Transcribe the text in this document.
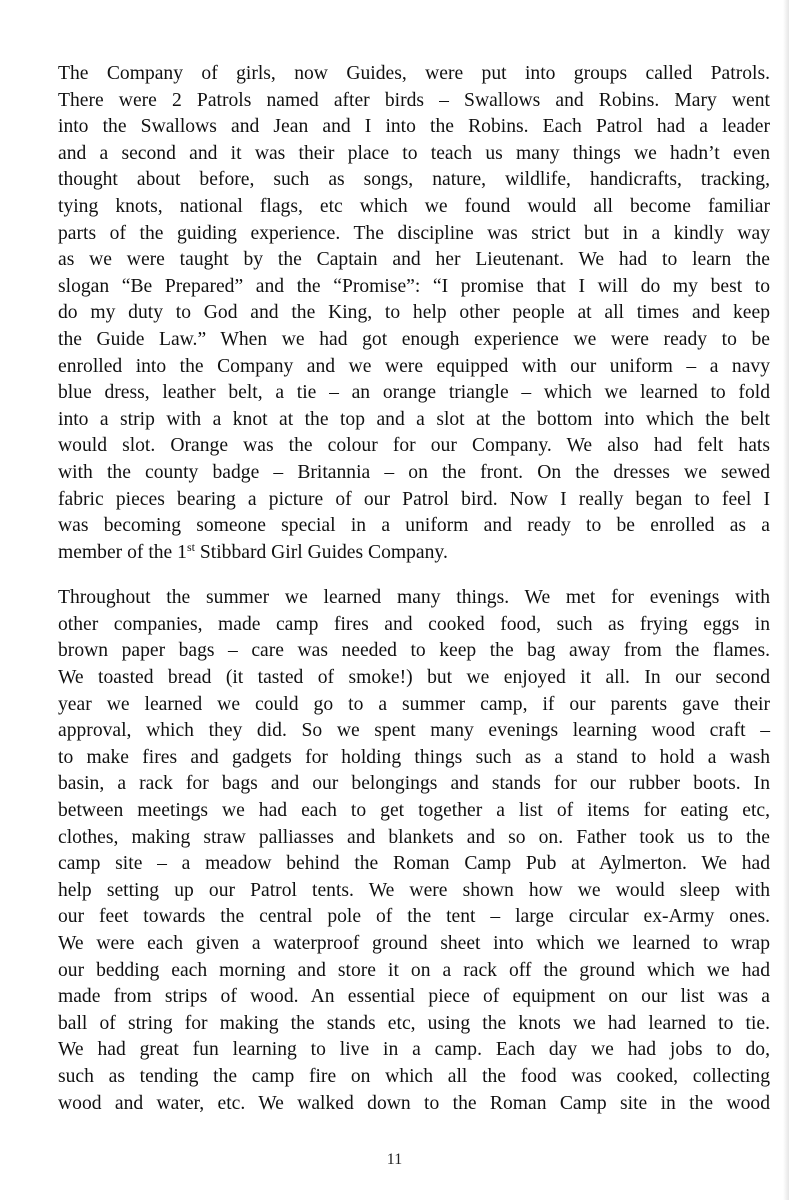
The Company of girls, now Guides, were put into groups called Patrols.
There were 2 Patrols named after birds – Swallows and Robins. Mary went
into the Swallows and Jean and I into the Robins. Each Patrol had a leader
and a second and it was their place to teach us many things we hadn’t even
thought about before, such as songs, nature, wildlife, handicrafts, tracking,
tying knots, national flags, etc which we found would all become familiar
parts of the guiding experience. The discipline was strict but in a kindly way
as we were taught by the Captain and her Lieutenant. We had to learn the
slogan “Be Prepared” and the “Promise”: “I promise that I will do my best to
do my duty to God and the King, to help other people at all times and keep
the Guide Law.” When we had got enough experience we were ready to be
enrolled into the Company and we were equipped with our uniform – a navy
blue dress, leather belt, a tie – an orange triangle – which we learned to fold
into a strip with a knot at the top and a slot at the bottom into which the belt
would slot. Orange was the colour for our Company. We also had felt hats
with the county badge – Britannia – on the front. On the dresses we sewed
fabric pieces bearing a picture of our Patrol bird. Now I really began to feel I
was becoming someone special in a uniform and ready to be enrolled as a
member of the 1st Stibbard Girl Guides Company.

Throughout the summer we learned many things. We met for evenings with
other companies, made camp fires and cooked food, such as frying eggs in
brown paper bags – care was needed to keep the bag away from the flames.
We toasted bread (it tasted of smoke!) but we enjoyed it all. In our second
year we learned we could go to a summer camp, if our parents gave their
approval, which they did. So we spent many evenings learning wood craft –
to make fires and gadgets for holding things such as a stand to hold a wash
basin, a rack for bags and our belongings and stands for our rubber boots. In
between meetings we had each to get together a list of items for eating etc,
clothes, making straw palliasses and blankets and so on. Father took us to the
camp site – a meadow behind the Roman Camp Pub at Aylmerton. We had
help setting up our Patrol tents. We were shown how we would sleep with
our feet towards the central pole of the tent – large circular ex-Army ones.
We were each given a waterproof ground sheet into which we learned to wrap
our bedding each morning and store it on a rack off the ground which we had
made from strips of wood. An essential piece of equipment on our list was a
ball of string for making the stands etc, using the knots we had learned to tie.
We had great fun learning to live in a camp. Each day we had jobs to do,
such as tending the camp fire on which all the food was cooked, collecting
wood and water, etc. We walked down to the Roman Camp site in the wood

11
